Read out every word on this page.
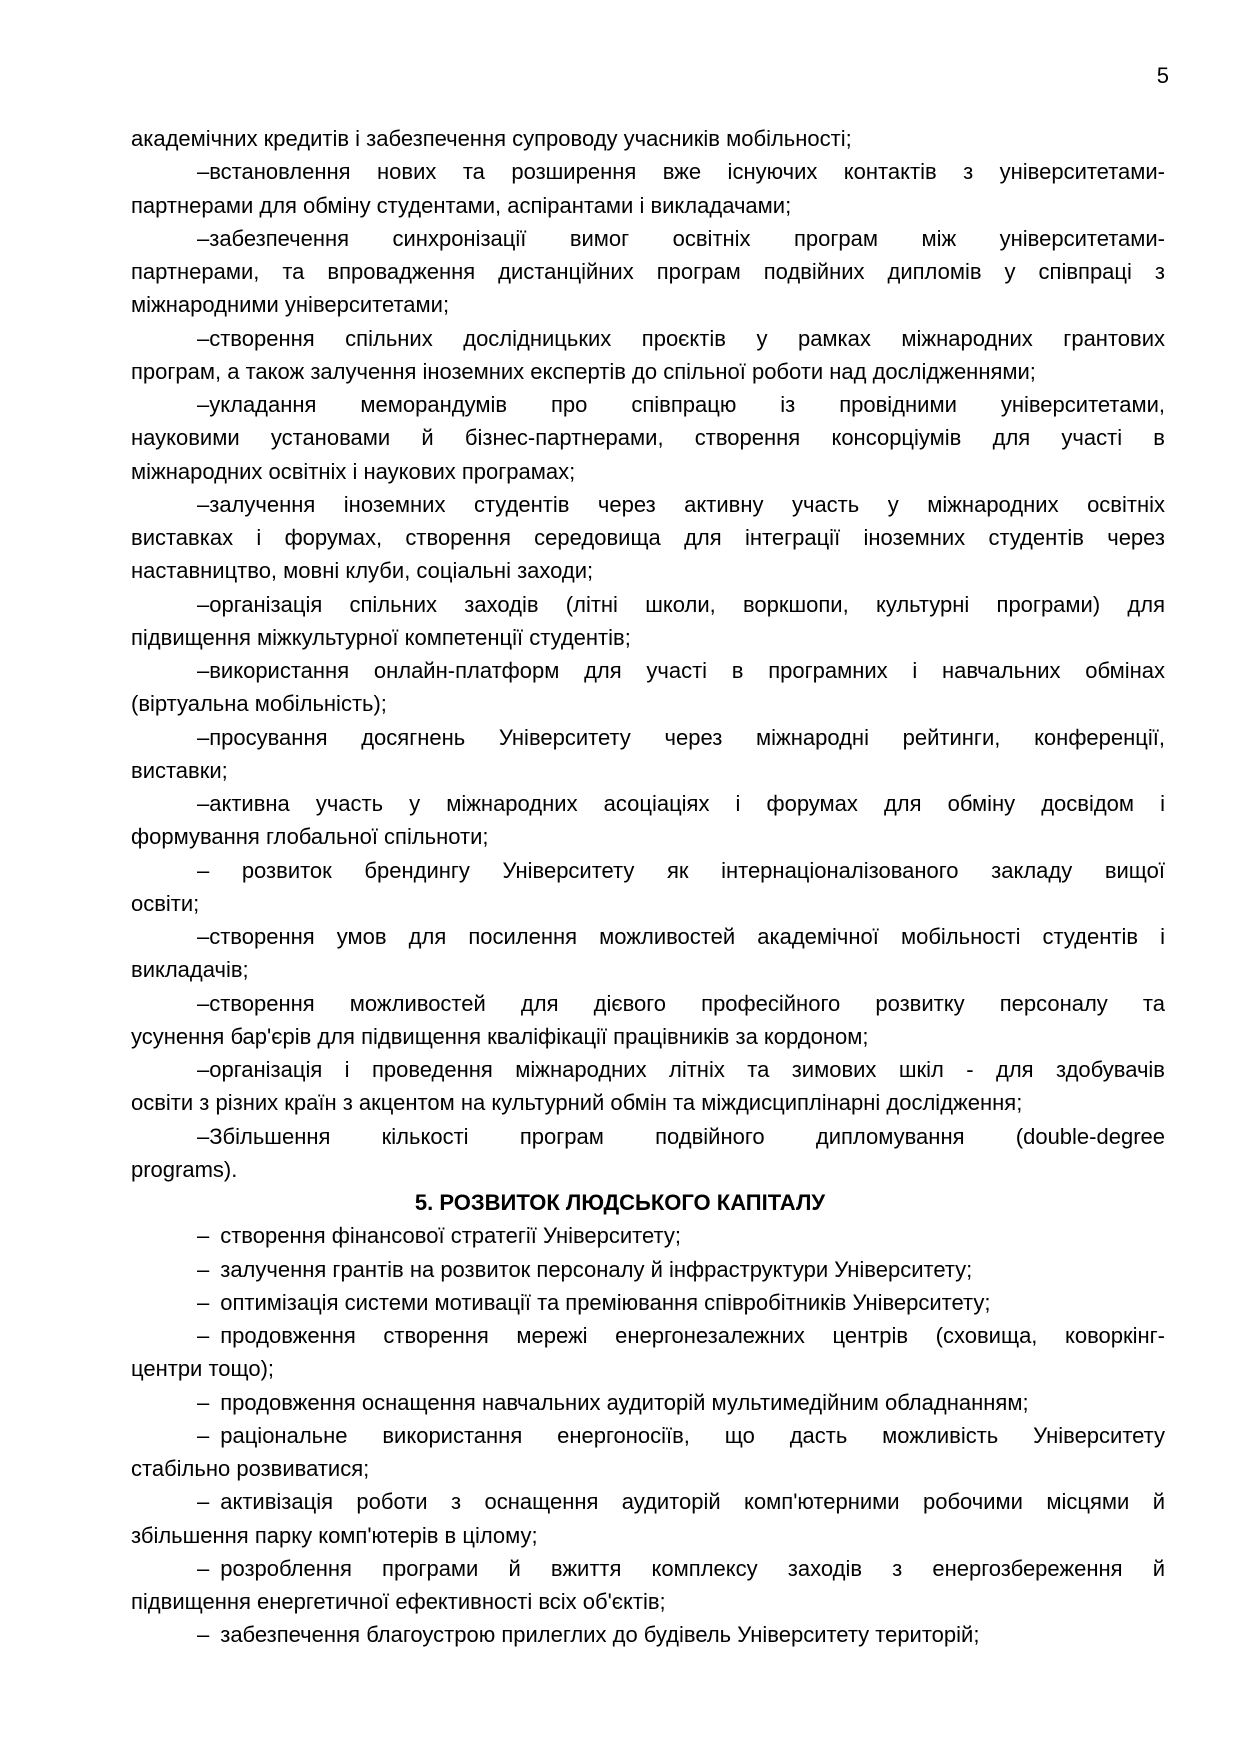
5
академічних кредитів і забезпечення супроводу учасників мобільності;
–встановлення нових та розширення вже існуючих контактів з університетами-
партнерами для обміну студентами, аспірантами і викладачами;
–забезпечення синхронізації вимог освітніх програм між університетами-
партнерами, та впровадження дистанційних програм подвійних дипломів у співпраці з
міжнародними університетами;
–створення спільних дослідницьких проєктів у рамках міжнародних грантових
програм, а також залучення іноземних експертів до спільної роботи над дослідженнями;
–укладання меморандумів про співпрацю із провідними університетами,
науковими установами й бізнес-партнерами, створення консорціумів для участі в
міжнародних освітніх і наукових програмах;
–залучення іноземних студентів через активну участь у міжнародних освітніх
виставках і форумах, створення середовища для інтеграції іноземних студентів через
наставництво, мовні клуби, соціальні заходи;
–організація спільних заходів (літні школи, воркшопи, культурні програми) для
підвищення міжкультурної компетенції студентів;
–використання онлайн-платформ для участі в програмних і навчальних обмінах
(віртуальна мобільність);
–просування досягнень Університету через міжнародні рейтинги, конференції,
виставки;
–активна участь у міжнародних асоціаціях і форумах для обміну досвідом і
формування глобальної спільноти;
– розвиток брендингу Університету як інтернаціоналізованого закладу вищої
освіти;
–створення умов для посилення можливостей академічної мобільності студентів і
викладачів;
–створення можливостей для дієвого професійного розвитку персоналу та
усунення бар'єрів для підвищення кваліфікації працівників за кордоном;
–організація і проведення міжнародних літніх та зимових шкіл - для здобувачів
освіти з різних країн з акцентом на культурний обмін та міждисциплінарні дослідження;
–Збільшення кількості програм подвійного дипломування (double-degree
programs).
5. РОЗВИТОК ЛЮДСЬКОГО КАПІТАЛУ
– створення фінансової стратегії Університету;
– залучення грантів на розвиток персоналу й інфраструктури Університету;
– оптимізація системи мотивації та преміювання співробітників Університету;
– продовження створення мережі енергонезалежних центрів (сховища, коворкінг-
центри тощо);
– продовження оснащення навчальних аудиторій мультимедійним обладнанням;
– раціональне використання енергоносіїв, що дасть можливість Університету
стабільно розвиватися;
– активізація роботи з оснащення аудиторій комп'ютерними робочими місцями й
збільшення парку комп'ютерів в цілому;
– розроблення програми й вжиття комплексу заходів з енергозбереження й
підвищення енергетичної ефективності всіх об'єктів;
– забезпечення благоустрою прилеглих до будівель Університету територій;
